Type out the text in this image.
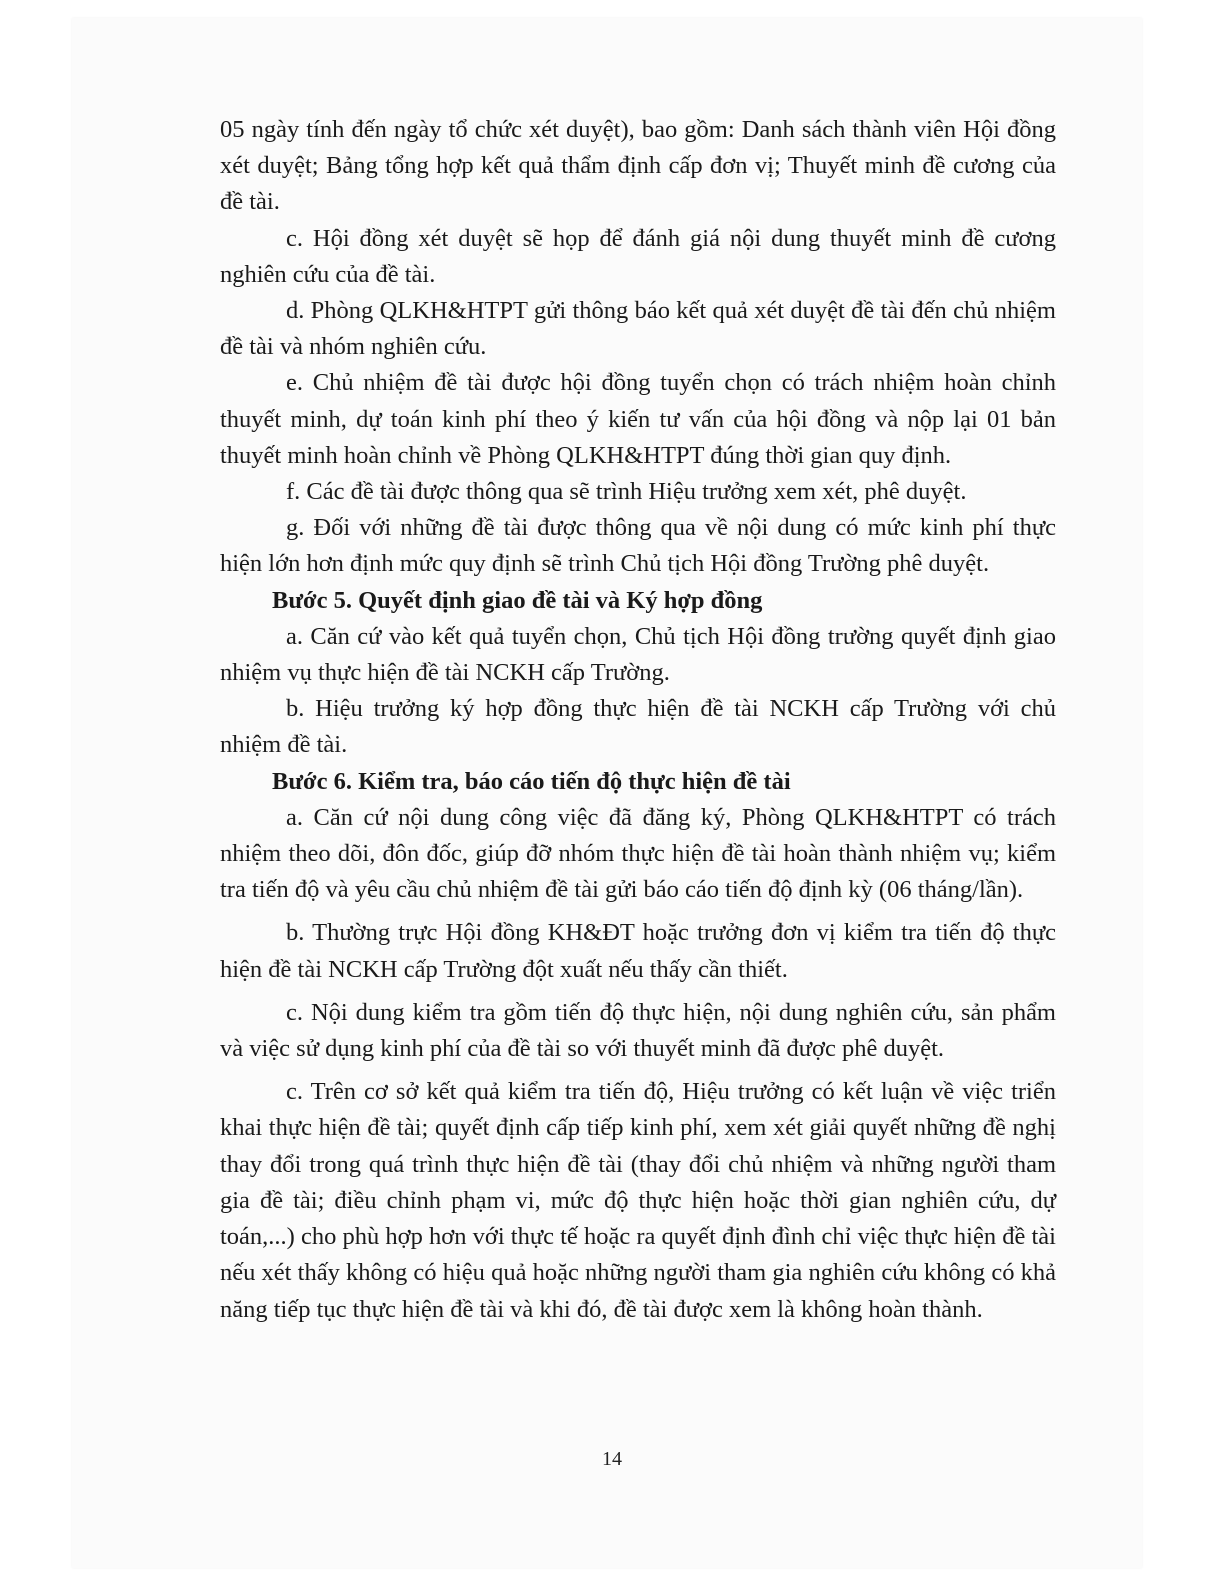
05 ngày tính đến ngày tổ chức xét duyệt), bao gồm: Danh sách thành viên Hội đồng xét duyệt; Bảng tổng hợp kết quả thẩm định cấp đơn vị; Thuyết minh đề cương của đề tài.

c. Hội đồng xét duyệt sẽ họp để đánh giá nội dung thuyết minh đề cương nghiên cứu của đề tài.

d. Phòng QLKH&HTPT gửi thông báo kết quả xét duyệt đề tài đến chủ nhiệm đề tài và nhóm nghiên cứu.

e. Chủ nhiệm đề tài được hội đồng tuyển chọn có trách nhiệm hoàn chỉnh thuyết minh, dự toán kinh phí theo ý kiến tư vấn của hội đồng và nộp lại 01 bản thuyết minh hoàn chỉnh về Phòng QLKH&HTPT đúng thời gian quy định.

f. Các đề tài được thông qua sẽ trình Hiệu trưởng xem xét, phê duyệt.

g. Đối với những đề tài được thông qua về nội dung có mức kinh phí thực hiện lớn hơn định mức quy định sẽ trình Chủ tịch Hội đồng Trường phê duyệt.

Bước 5. Quyết định giao đề tài và Ký hợp đồng

a. Căn cứ vào kết quả tuyển chọn, Chủ tịch Hội đồng trường quyết định giao nhiệm vụ thực hiện đề tài NCKH cấp Trường.

b. Hiệu trưởng ký hợp đồng thực hiện đề tài NCKH cấp Trường với chủ nhiệm đề tài.

Bước 6. Kiểm tra, báo cáo tiến độ thực hiện đề tài

a. Căn cứ nội dung công việc đã đăng ký, Phòng QLKH&HTPT có trách nhiệm theo dõi, đôn đốc, giúp đỡ nhóm thực hiện đề tài hoàn thành nhiệm vụ; kiểm tra tiến độ và yêu cầu chủ nhiệm đề tài gửi báo cáo tiến độ định kỳ (06 tháng/lần).

b. Thường trực Hội đồng KH&ĐT hoặc trưởng đơn vị kiểm tra tiến độ thực hiện đề tài NCKH cấp Trường đột xuất nếu thấy cần thiết.

c. Nội dung kiểm tra gồm tiến độ thực hiện, nội dung nghiên cứu, sản phẩm và việc sử dụng kinh phí của đề tài so với thuyết minh đã được phê duyệt.

c. Trên cơ sở kết quả kiểm tra tiến độ, Hiệu trưởng có kết luận về việc triển khai thực hiện đề tài; quyết định cấp tiếp kinh phí, xem xét giải quyết những đề nghị thay đổi trong quá trình thực hiện đề tài (thay đổi chủ nhiệm và những người tham gia đề tài; điều chỉnh phạm vi, mức độ thực hiện hoặc thời gian nghiên cứu, dự toán,...) cho phù hợp hơn với thực tế hoặc ra quyết định đình chỉ việc thực hiện đề tài nếu xét thấy không có hiệu quả hoặc những người tham gia nghiên cứu không có khả năng tiếp tục thực hiện đề tài và khi đó, đề tài được xem là không hoàn thành.

14
